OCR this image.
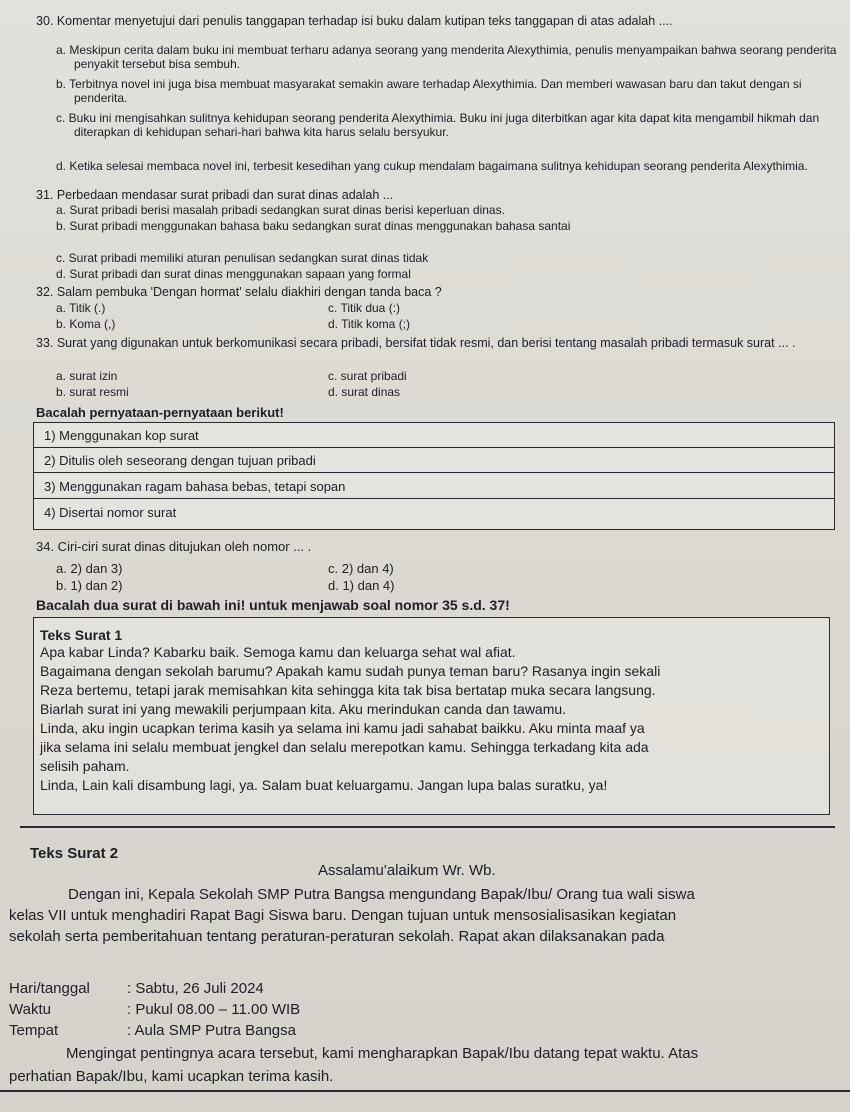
30. Komentar menyetujui dari penulis tanggapan terhadap isi buku dalam kutipan teks tanggapan di atas adalah ....
a. Meskipun cerita dalam buku ini membuat terharu adanya seorang yang menderita Alexythimia, penulis menyampaikan bahwa seorang penderita penyakit tersebut bisa sembuh.
b. Terbitnya novel ini juga bisa membuat masyarakat semakin aware terhadap Alexythimia. Dan memberi wawasan baru dan takut dengan si penderita.
c. Buku ini mengisahkan sulitnya kehidupan seorang penderita Alexythimia. Buku ini juga diterbitkan agar kita dapat kita mengambil hikmah dan diterapkan di kehidupan sehari-hari bahwa kita harus selalu bersyukur.
d. Ketika selesai membaca novel ini, terbesit kesedihan yang cukup mendalam bagaimana sulitnya kehidupan seorang penderita Alexythimia.
31. Perbedaan mendasar surat pribadi dan surat dinas adalah ...
a. Surat pribadi berisi masalah pribadi sedangkan surat dinas berisi keperluan dinas.
b. Surat pribadi menggunakan bahasa baku sedangkan surat dinas menggunakan bahasa santai
c. Surat pribadi memiliki aturan penulisan sedangkan surat dinas tidak
d. Surat pribadi dan surat dinas menggunakan sapaan yang formal
32. Salam pembuka 'Dengan hormat' selalu diakhiri dengan tanda baca ?
a. Titik (.)	c. Titik dua (:)
b. Koma (,)	d. Titik koma (;)
33. Surat yang digunakan untuk berkomunikasi secara pribadi, bersifat tidak resmi, dan berisi tentang masalah pribadi termasuk surat ... .
a. surat izin	c. surat pribadi
b. surat resmi	d. surat dinas
Bacalah pernyataan-pernyataan berikut!
1) Menggunakan kop surat
2) Ditulis oleh seseorang dengan tujuan pribadi
3) Menggunakan ragam bahasa bebas, tetapi sopan
4) Disertai nomor surat
34. Ciri-ciri surat dinas ditujukan oleh nomor ... .
a. 2) dan 3)	c. 2) dan 4)
b. 1) dan 2)	d. 1) dan 4)
Bacalah dua surat di bawah ini! untuk menjawab soal nomor 35 s.d. 37!
Teks Surat 1
Apa kabar Linda? Kabarku baik. Semoga kamu dan keluarga sehat wal afiat.
Bagaimana dengan sekolah barumu? Apakah kamu sudah punya teman baru? Rasanya ingin sekali
Reza bertemu, tetapi jarak memisahkan kita sehingga kita tak bisa bertatap muka secara langsung.
Biarlah surat ini yang mewakili perjumpaan kita. Aku merindukan canda dan tawamu.
Linda, aku ingin ucapkan terima kasih ya selama ini kamu jadi sahabat baikku. Aku minta maaf ya
jika selama ini selalu membuat jengkel dan selalu merepotkan kamu. Sehingga terkadang kita ada
selisih paham.
Linda, Lain kali disambung lagi, ya. Salam buat keluargamu. Jangan lupa balas suratku, ya!
Teks Surat 2
Assalamu'alaikum Wr. Wb.
Dengan ini, Kepala Sekolah SMP Putra Bangsa mengundang Bapak/Ibu/ Orang tua wali siswa
kelas VII untuk menghadiri Rapat Bagi Siswa baru. Dengan tujuan untuk mensosialisasikan kegiatan
sekolah serta pemberitahuan tentang peraturan-peraturan sekolah. Rapat akan dilaksanakan pada
Hari/tanggal : Sabtu, 26 Juli 2024
Waktu	: Pukul 08.00 – 11.00 WIB
Tempat	: Aula SMP Putra Bangsa
Mengingat pentingnya acara tersebut, kami mengharapkan Bapak/Ibu datang tepat waktu. Atas
perhatian Bapak/Ibu, kami ucapkan terima kasih.
